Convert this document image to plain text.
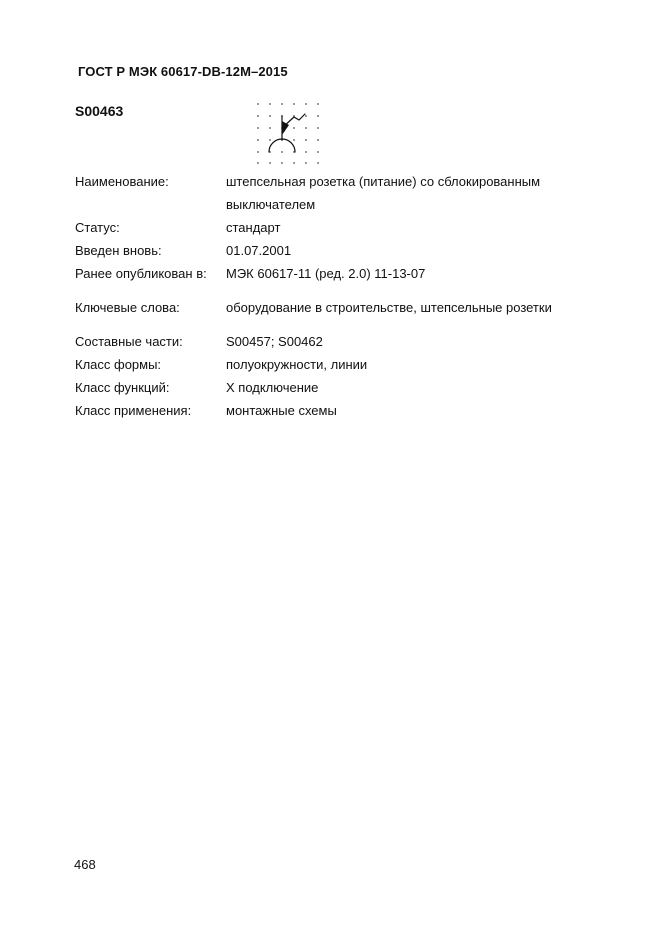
ГОСТ Р МЭК 60617-DB-12M–2015
S00463
Наименование:	штепсельная розетка (питание) со сблокированным выключателем
Статус:	стандарт
Введен вновь:	01.07.2001
Ранее опубликован в: МЭК 60617-11 (ред. 2.0) 11-13-07
Ключевые слова:	оборудование в строительстве, штепсельные розетки
Составные части:	S00457; S00462
Класс формы:	полуокружности, линии
Класс функций:	X подключение
Класс применения:	монтажные схемы
468
